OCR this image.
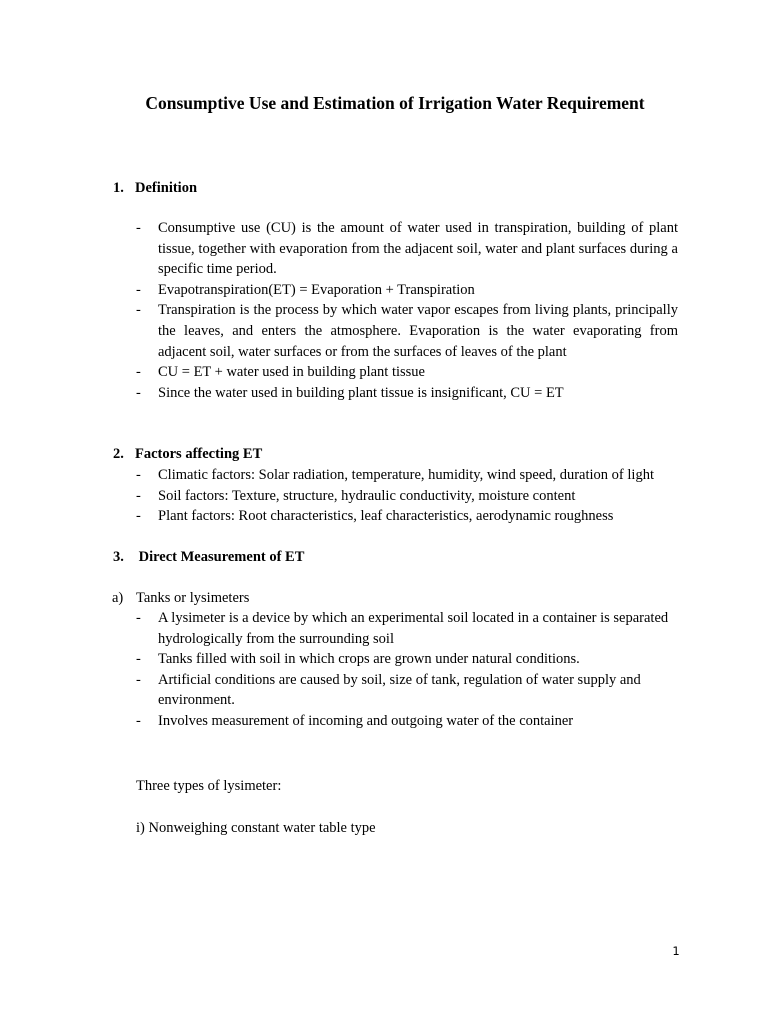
Consumptive Use and Estimation of Irrigation Water Requirement
1. Definition
- Consumptive use (CU) is the amount of water used in transpiration, building of plant tissue, together with evaporation from the adjacent soil, water and plant surfaces during a specific time period.
- Evapotranspiration(ET) = Evaporation + Transpiration
- Transpiration is the process by which water vapor escapes from living plants, principally the leaves, and enters the atmosphere. Evaporation is the water evaporating from adjacent soil, water surfaces or from the surfaces of leaves of the plant
- CU = ET + water used in building plant tissue
- Since the water used in building plant tissue is insignificant, CU = ET
2. Factors affecting ET
- Climatic factors: Solar radiation, temperature, humidity, wind speed, duration of light
- Soil factors: Texture, structure, hydraulic conductivity, moisture content
- Plant factors: Root characteristics, leaf characteristics, aerodynamic roughness
3. Direct Measurement of ET
a) Tanks or lysimeters
- A lysimeter is a device by which an experimental soil located in a container is separated hydrologically from the surrounding soil
- Tanks filled with soil in which crops are grown under natural conditions.
- Artificial conditions are caused by soil, size of tank, regulation of water supply and environment.
- Involves measurement of incoming and outgoing water of the container
Three types of lysimeter:
i) Nonweighing constant water table type
1
